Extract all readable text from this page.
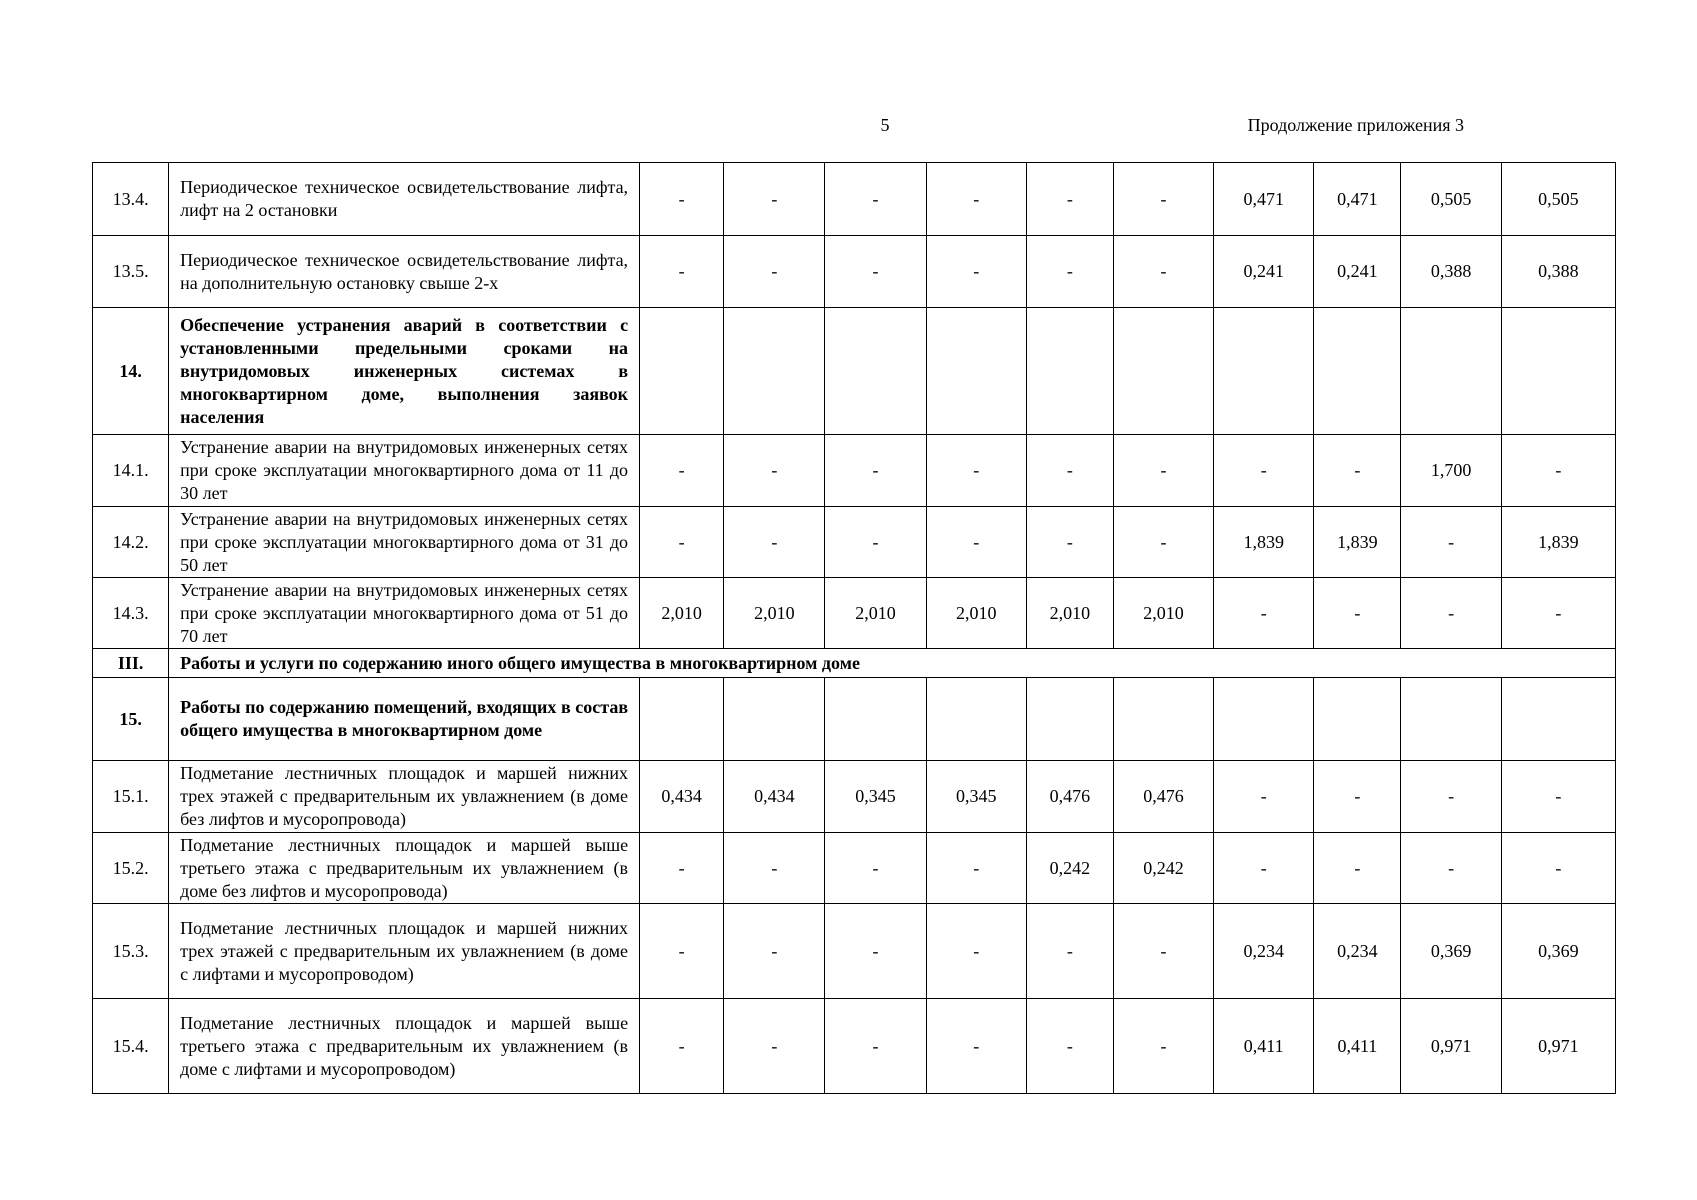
5	Продолжение приложения 3
13.4.	Периодическое техническое освидетельствование лифта, лифт на 2 остановки	-	-	-	-	-	-	0,471	0,471	0,505	0,505
13.5.	Периодическое техническое освидетельствование лифта, на дополнительную остановку свыше 2-х	-	-	-	-	-	-	0,241	0,241	0,388	0,388
14.	Обеспечение устранения аварий в соответствии с установленными предельными сроками на внутридомовых инженерных системах в многоквартирном доме, выполнения заявок населения										
14.1.	Устранение аварии на внутридомовых инженерных сетях при сроке эксплуатации многоквартирного дома от 11 до 30 лет	-	-	-	-	-	-	-	-	1,700	-
14.2.	Устранение аварии на внутридомовых инженерных сетях при сроке эксплуатации многоквартирного дома от 31 до 50 лет	-	-	-	-	-	-	1,839	1,839	-	1,839
14.3.	Устранение аварии на внутридомовых инженерных сетях при сроке эксплуатации многоквартирного дома от 51 до 70 лет	2,010	2,010	2,010	2,010	2,010	2,010	-	-	-	-
III.	Работы и услуги по содержанию иного общего имущества в многоквартирном доме										
15.	Работы по содержанию помещений, входящих в состав общего имущества в многоквартирном доме										
15.1.	Подметание лестничных площадок и маршей нижних трех этажей с предварительным их увлажнением (в доме без лифтов и мусоропровода)	0,434	0,434	0,345	0,345	0,476	0,476	-	-	-	-
15.2.	Подметание лестничных площадок и маршей выше третьего этажа с предварительным их увлажнением (в доме без лифтов и мусоропровода)	-	-	-	-	0,242	0,242	-	-	-	-
15.3.	Подметание лестничных площадок и маршей нижних трех этажей с предварительным их увлажнением (в доме с лифтами и мусоропроводом)	-	-	-	-	-	-	0,234	0,234	0,369	0,369
15.4.	Подметание лестничных площадок и маршей выше третьего этажа с предварительным их увлажнением (в доме с лифтами и мусоропроводом)	-	-	-	-	-	-	0,411	0,411	0,971	0,971
